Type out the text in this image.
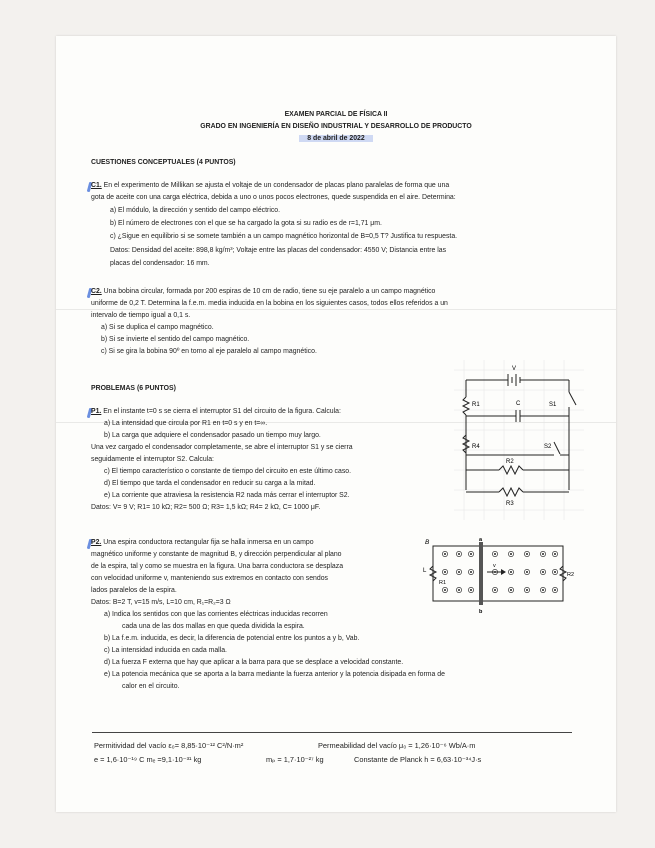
EXAMEN PARCIAL DE FÍSICA II
GRADO EN INGENIERÍA EN DISEÑO INDUSTRIAL Y DESARROLLO DE PRODUCTO
8 de abril de 2022
CUESTIONES CONCEPTUALES (4 PUNTOS)
C1. En el experimento de Millikan se ajusta el voltaje de un condensador de placas plano paralelas de forma que una
gota de aceite con una carga eléctrica, debida a uno o unos pocos electrones, quede suspendida en el aire. Determina:
a) El módulo, la dirección y sentido del campo eléctrico.
b) El número de electrones con el que se ha cargado la gota si su radio es de r=1,71 μm.
c) ¿Sigue en equilibrio si se somete también a un campo magnético horizontal de B=0,5 T? Justifica tu respuesta.
Datos: Densidad del aceite: 898,8 kg/m³; Voltaje entre las placas del condensador: 4550 V; Distancia entre las
placas del condensador: 16 mm.
C2. Una bobina circular, formada por 200 espiras de 10 cm de radio, tiene su eje paralelo a un campo magnético
uniforme de 0,2 T. Determina la f.e.m. media inducida en la bobina en los siguientes casos, todos ellos referidos a un
intervalo de tiempo igual a 0,1 s.
a) Si se duplica el campo magnético.
b) Si se invierte el sentido del campo magnético.
c) Si se gira la bobina 90º en torno al eje paralelo al campo magnético.
PROBLEMAS (6 PUNTOS)
P1. En el instante t=0 s se cierra el interruptor S1 del circuito de la figura. Calcula:
a) La intensidad que circula por R1 en t=0 s y en t=∞.
b) La carga que adquiere el condensador pasado un tiempo muy largo.
Una vez cargado el condensador completamente, se abre el interruptor S1 y se cierra
seguidamente el interruptor S2. Calcula:
c) El tiempo característico o constante de tiempo del circuito en este último caso.
d) El tiempo que tarda el condensador en reducir su carga a la mitad.
e) La corriente que atraviesa la resistencia R2 nada más cerrar el interruptor S2.
Datos: V= 9 V; R1= 10 kΩ; R2= 500 Ω; R3= 1,5 kΩ; R4= 2 kΩ, C= 1000 μF.
V
R1	C	S1
R4	S2
R2
R3
P2. Una espira conductora rectangular fija se halla inmersa en un campo
magnético uniforme y constante de magnitud B, y dirección perpendicular al plano
de la espira, tal y como se muestra en la figura. Una barra conductora se desplaza
con velocidad uniforme v, manteniendo sus extremos en contacto con sendos
lados paralelos de la espira.
Datos: B=2 T, v=15 m/s, L=10 cm, R₁=R₂=3 Ω
a) Indica los sentidos con que las corrientes eléctricas inducidas recorren
cada una de las dos mallas en que queda dividida la espira.
b) La f.e.m. inducida, es decir, la diferencia de potencial entre los puntos a y b, Vab.
c) La intensidad inducida en cada malla.
d) La fuerza F externa que hay que aplicar a la barra para que se desplace a velocidad constante.
e) La potencia mecánica que se aporta a la barra mediante la fuerza anterior y la potencia disipada en forma de
calor en el circuito.
B	a
b
L
v
R1
R2
Permitividad del vacío ε₀= 8,85·10⁻¹² C²/N·m²	Permeabilidad del vacío μ₀ = 1,26·10⁻⁶ Wb/A·m
e = 1,6·10⁻¹⁹ C mₑ =9,1·10⁻³¹ kg	mₚ = 1,7·10⁻²⁷ kg	Constante de Planck h = 6,63·10⁻³⁴J·s
